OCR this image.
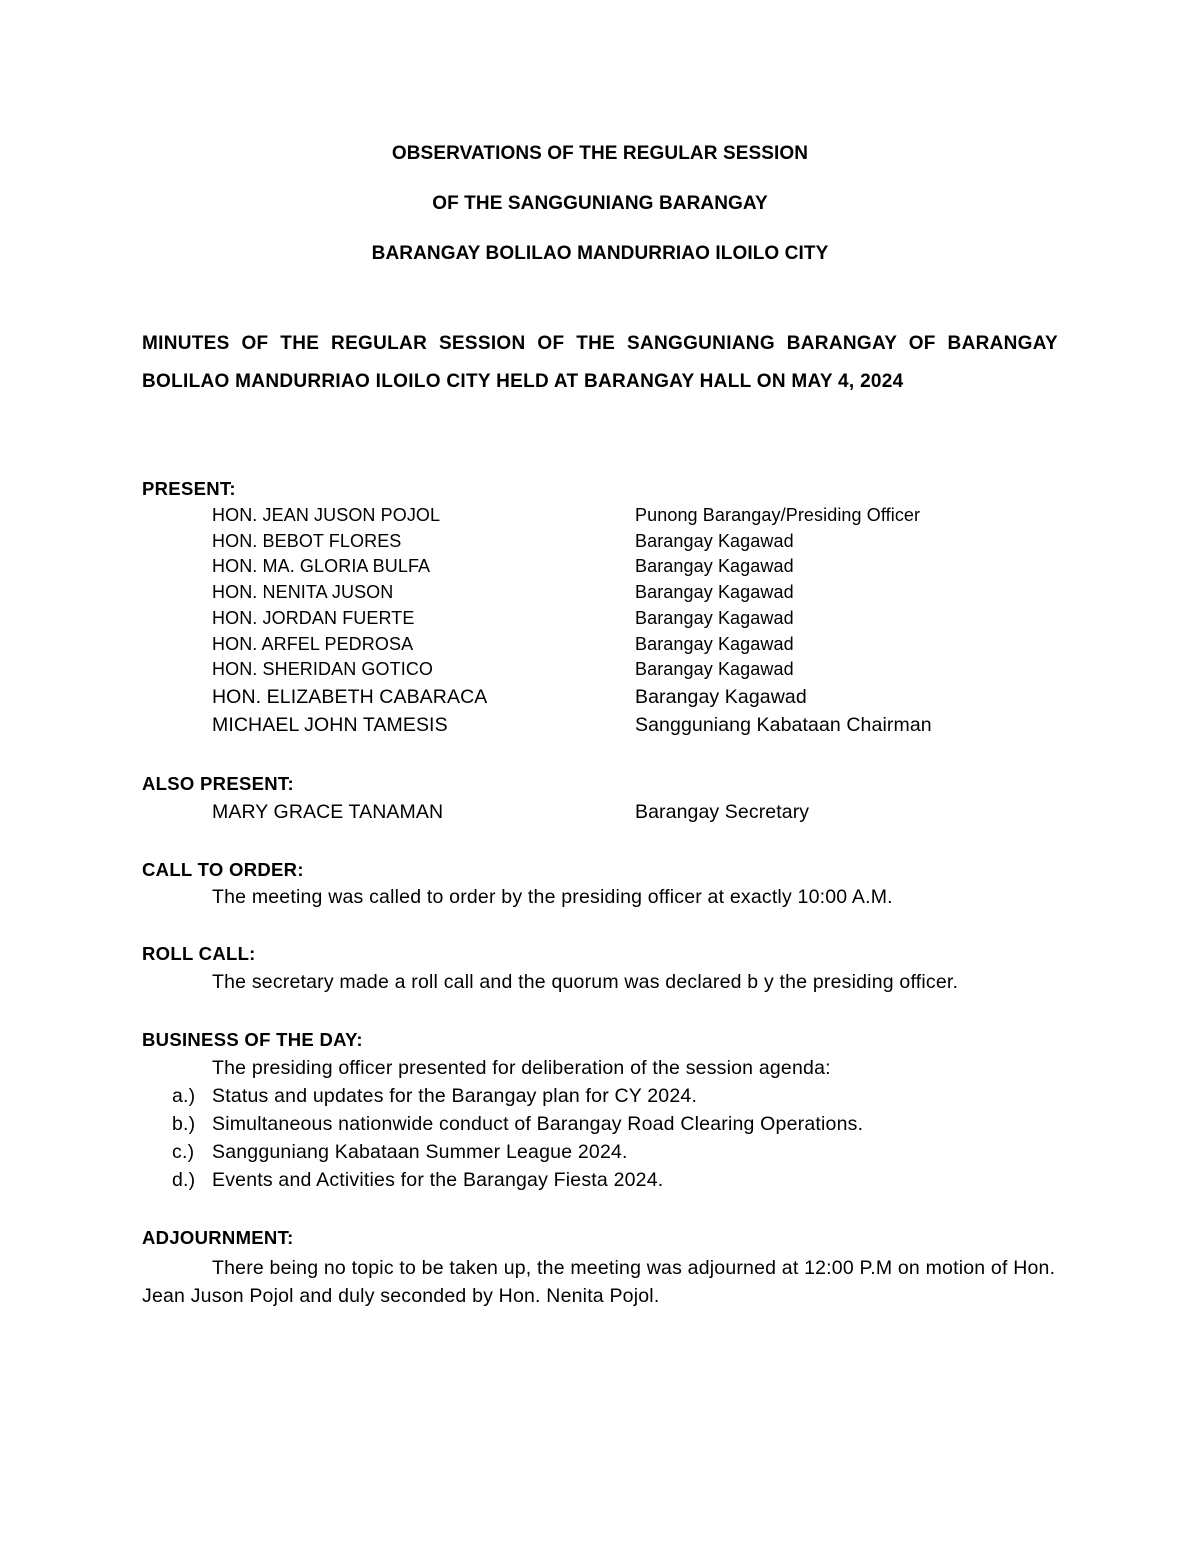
OBSERVATIONS OF THE REGULAR SESSION
OF THE SANGGUNIANG BARANGAY
BARANGAY BOLILAO MANDURRIAO ILOILO CITY
MINUTES OF THE REGULAR SESSION OF THE SANGGUNIANG BARANGAY OF BARANGAY BOLILAO MANDURRIAO ILOILO CITY HELD AT BARANGAY HALL ON MAY 4, 2024
PRESENT:
HON. JEAN JUSON POJOL	Punong Barangay/Presiding Officer
HON. BEBOT FLORES	Barangay Kagawad
HON. MA. GLORIA BULFA	Barangay Kagawad
HON. NENITA JUSON	Barangay Kagawad
HON. JORDAN FUERTE	Barangay Kagawad
HON. ARFEL PEDROSA	Barangay Kagawad
HON. SHERIDAN GOTICO	Barangay Kagawad
HON. ELIZABETH CABARACA	Barangay Kagawad
MICHAEL JOHN TAMESIS	Sangguniang Kabataan Chairman
ALSO PRESENT:
MARY GRACE TANAMAN	Barangay Secretary
CALL TO ORDER:
The meeting was called to order by the presiding officer at exactly 10:00 A.M.
ROLL CALL:
The secretary made a roll call and the quorum was declared b y the presiding officer.
BUSINESS OF THE DAY:
The presiding officer presented for deliberation of the session agenda:
a.) Status and updates for the Barangay plan for CY 2024.
b.) Simultaneous nationwide conduct of Barangay Road Clearing Operations.
c.) Sangguniang Kabataan Summer League 2024.
d.) Events and Activities for the Barangay Fiesta 2024.
ADJOURNMENT:
There being no topic to be taken up, the meeting was adjourned at 12:00 P.M on motion of Hon. Jean Juson Pojol and duly seconded by Hon. Nenita Pojol.
